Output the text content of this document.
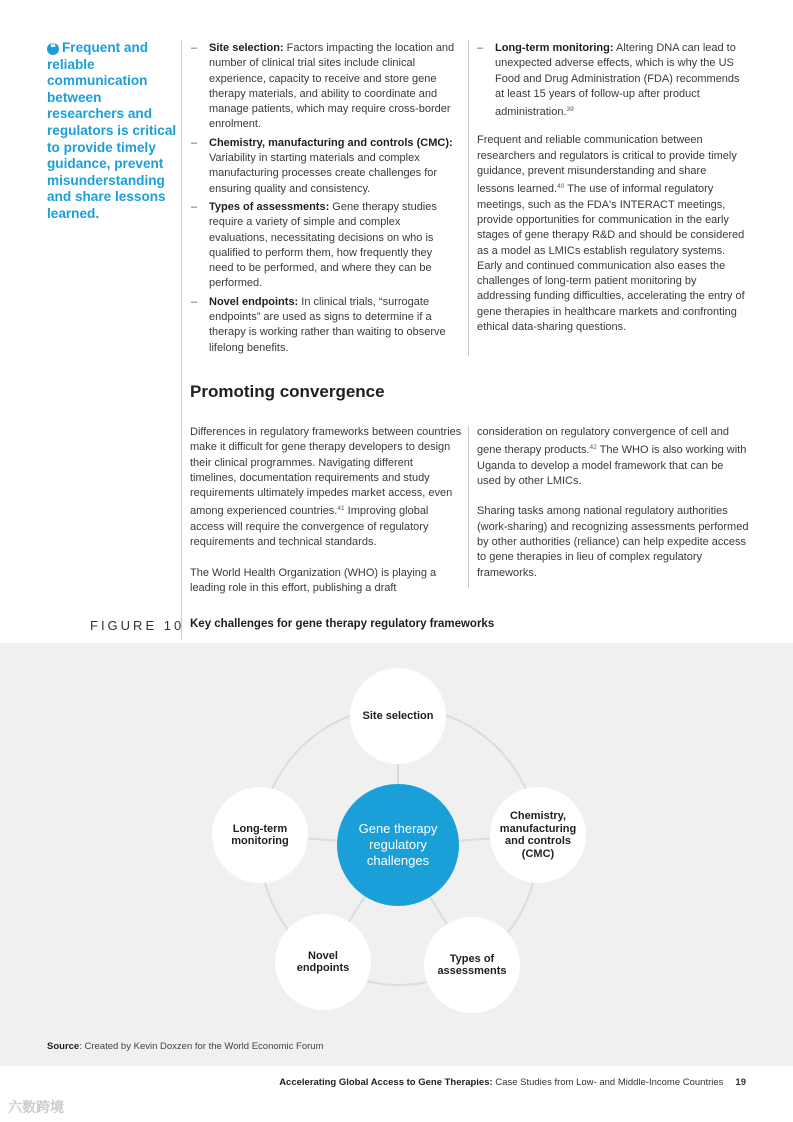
❝ Frequent and reliable communication between researchers and regulators is critical to provide timely guidance, prevent misunderstanding and share lessons learned.
– Site selection: Factors impacting the location and number of clinical trial sites include clinical experience, capacity to receive and store gene therapy materials, and ability to coordinate and manage patients, which may require cross-border enrolment.
– Chemistry, manufacturing and controls (CMC): Variability in starting materials and complex manufacturing processes create challenges for ensuring quality and consistency.
– Types of assessments: Gene therapy studies require a variety of simple and complex evaluations, necessitating decisions on who is qualified to perform them, how frequently they need to be performed, and where they can be performed.
– Novel endpoints: In clinical trials, “surrogate endpoints” are used as signs to determine if a therapy is working rather than waiting to observe lifelong benefits.
– Long-term monitoring: Altering DNA can lead to unexpected adverse effects, which is why the US Food and Drug Administration (FDA) recommends at least 15 years of follow-up after product administration.$^{39}$

Frequent and reliable communication between researchers and regulators is critical to provide timely guidance, prevent misunderstanding and share lessons learned.$^{40}$ The use of informal regulatory meetings, such as the FDA's INTERACT meetings, provide opportunities for communication in the early stages of gene therapy R&D and should be considered as a model as LMICs establish regulatory systems. Early and continued communication also eases the challenges of long-term patient monitoring by addressing funding difficulties, accelerating the entry of gene therapies in healthcare markets and confronting ethical data-sharing questions.

Promoting convergence

Differences in regulatory frameworks between countries make it difficult for gene therapy developers to design their clinical programmes. Navigating different timelines, documentation requirements and study requirements ultimately impedes market access, even among experienced countries.$^{41}$ Improving global access will require the convergence of regulatory requirements and technical standards.

The World Health Organization (WHO) is playing a leading role in this effort, publishing a draft

consideration on regulatory convergence of cell and gene therapy products.$^{42}$ The WHO is also working with Uganda to develop a model framework that can be used by other LMICs.

Sharing tasks among national regulatory authorities (work-sharing) and recognizing assessments performed by other authorities (reliance) can help expedite access to gene therapies in lieu of complex regulatory frameworks.

FIGURE 10 Key challenges for gene therapy regulatory frameworks
Site selection
Chemistry, manufacturing and controls (CMC)
Types of assessments
Novel endpoints
Long-term monitoring
Gene therapy regulatory challenges
Source: Created by Kevin Doxzen for the World Economic Forum
Accelerating Global Access to Gene Therapies: Case Studies from Low- and Middle-Income Countries 19
六数跨境
